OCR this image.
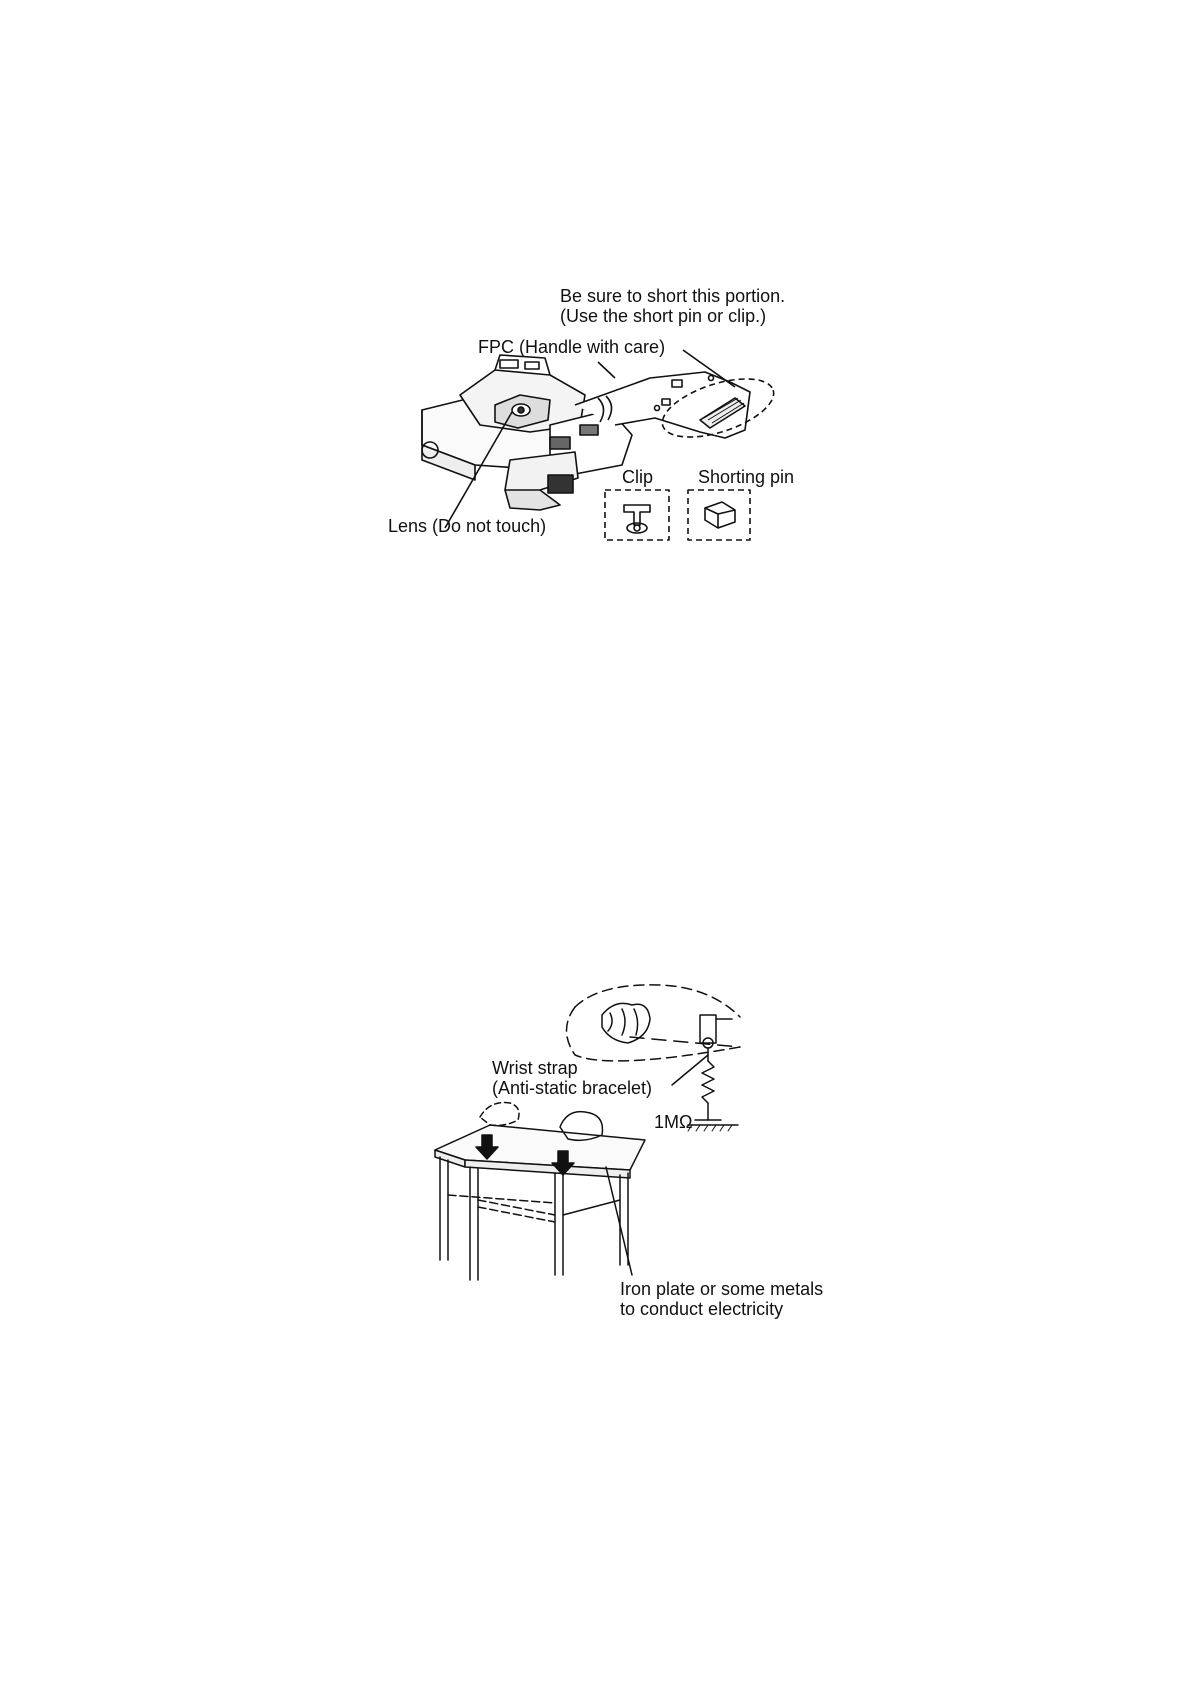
Be sure to short this portion.
(Use the short pin or clip.)
FPC (Handle with care)
Lens (Do not touch)
Clip Shorting pin
Wrist strap
(Anti-static bracelet)
1MΩ
Iron plate or some metals
to conduct electricity
